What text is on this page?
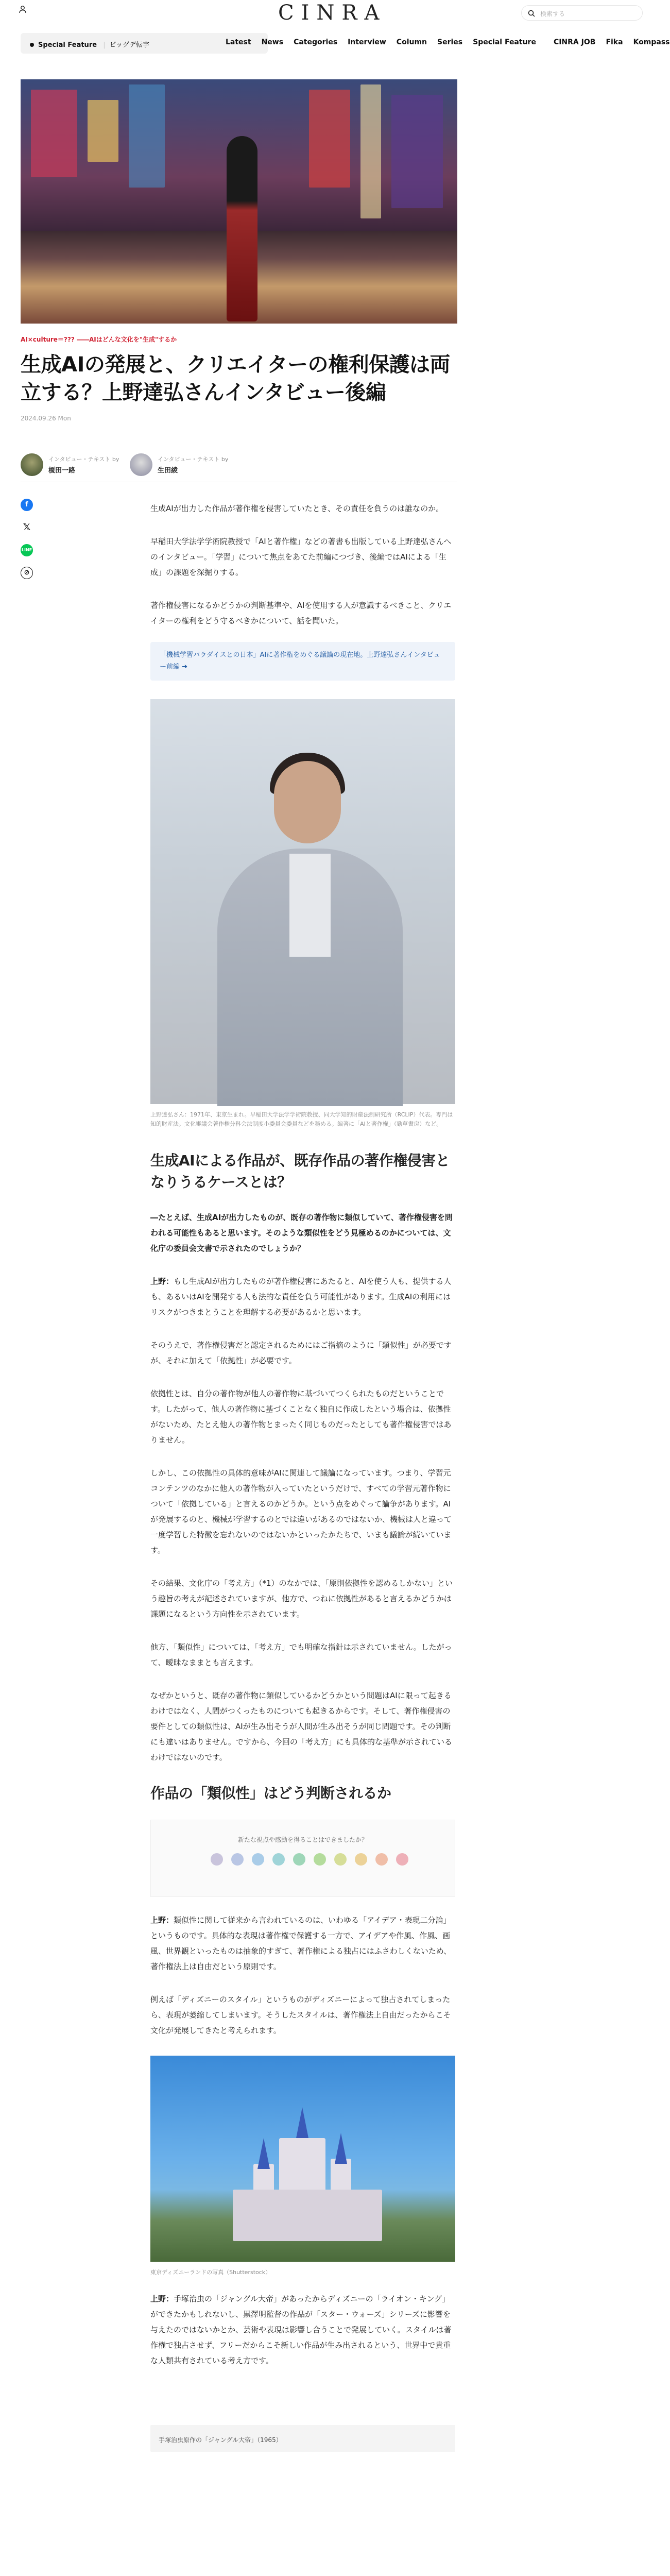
CINRA	検索する
Special Feature | ビッグデ転字	Latest News Categories Interview Column Series Special Feature CINRA JOB Fika Kompass
AI×culture＝??? ――AIはどんな文化を"生成"するか
生成AIの発展と、クリエイターの権利保護は両立する？上野達弘さんインタビュー後編
2024.09.26 Mon
インタビュー・テキスト by
榎田一路
インタビュー・テキスト by
生田綾
f
𝕏
LINE
⊘

生成AIが出力した作品が著作権を侵害していたとき、その責任を負うのは誰なのか。

早稲田大学法学学術院教授で「AIと著作権」などの著書も出版している上野達弘さんへのインタビュー。「学習」について焦点をあてた前編につづき、後編ではAIによる「生成」の課題を深掘りする。

著作権侵害になるかどうかの判断基準や、AIを使用する人が意識するべきこと、クリエイターの権利をどう守るべきかについて、話を聞いた。

「機械学習パラダイスとの日本」AIに著作権をめぐる議論の現在地。上野達弘さんインタビュー前編 ➔
上野達弘さん：1971年、東京生まれ。早稲田大学法学学術院教授、同大学知的財産法制研究所（RCLIP）代表。専門は知的財産法。文化審議会著作権分科会法制度小委員会委員などを務める。編著に「AIと著作権」（勁草書房）など。
生成AIによる作品が、既存作品の著作権侵害となりうるケースとは？

―たとえば、生成AIが出力したものが、既存の著作物に類似していて、著作権侵害を問われる可能性もあると思います。そのような類似性をどう見極めるのかについては、文化庁の委員会文書で示されたのでしょうか？

上野：もし生成AIが出力したものが著作権侵害にあたると、AIを使う人も、提供する人も、あるいはAIを開発する人も法的な責任を負う可能性があります。生成AIの利用にはリスクがつきまとうことを理解する必要があるかと思います。

そのうえで、著作権侵害だと認定されるためにはご指摘のように「類似性」が必要ですが、それに加えて「依拠性」が必要です。

依拠性とは、自分の著作物が他人の著作物に基づいてつくられたものだということです。したがって、他人の著作物に基づくことなく独自に作成したという場合は、依拠性がないため、たとえ他人の著作物とまったく同じものだったとしても著作権侵害ではありません。

しかし、この依拠性の具体的意味がAIに関連して議論になっています。つまり、学習元コンテンツのなかに他人の著作物が入っていたというだけで、すべての学習元著作物について「依拠している」と言えるのかどうか。という点をめぐって論争があります。AIが発展するのと、機械が学習するのとでは違いがあるのではないか、機械は人と違って一度学習した特徴を忘れないのではないかといったかたちで、いまも議論が続いています。

その結果、文化庁の「考え方」（*1）のなかでは、「原則依拠性を認めるしかない」という趣旨の考えが記述されていますが、他方で、つねに依拠性があると言えるかどうかは課題になるという方向性を示されています。

他方、「類似性」については、「考え方」でも明確な指針は示されていません。したがって、曖昧なままとも言えます。

なぜかというと、既存の著作物に類似しているかどうかという問題はAIに限って起きるわけではなく、人間がつくったものについても起きるからです。そして、著作権侵害の要件としての類似性は、AIが生み出そうが人間が生み出そうが同じ問題です。その判断にも違いはありません。ですから、今回の「考え方」にも具体的な基準が示されているわけではないのです。

作品の「類似性」はどう判断されるか
新たな視点や感動を得ることはできましたか？

上野：類似性に関して従来から言われているのは、いわゆる「アイデア・表現二分論」というものです。具体的な表現は著作権で保護する一方で、アイデアや作風、作風、画風、世界観といったものは抽象的すぎて、著作権による独占にはふさわしくないため、著作権法上は自由だという原則です。

例えば「ディズニーのスタイル」というものがディズニーによって独占されてしまったら、表現が萎縮してしまいます。そうしたスタイルは、著作権法上自由だったからこそ文化が発展してきたと考えられます。

東京ディズニーランドの写真（Shutterstock）

上野：手塚治虫の「ジャングル大帝」があったからディズニーの「ライオン・キング」ができたかもしれないし、黒澤明監督の作品が「スター・ウォーズ」シリーズに影響を与えたのではないかとか、芸術や表現は影響し合うことで発展していく。スタイルは著作権で独占させず、フリーだからこそ新しい作品が生み出されるという、世界中で貴重な人類共有されている考え方です。

手塚治虫原作の「ジャングル大帝」（1965）
